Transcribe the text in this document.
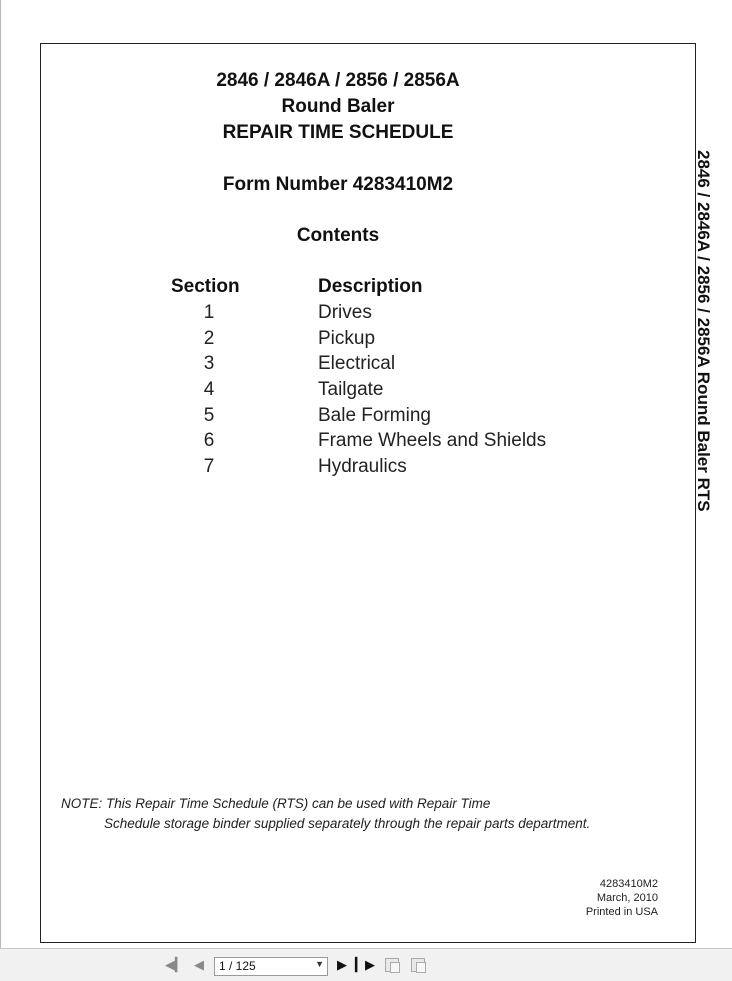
2846 / 2846A / 2856 / 2856A
Round Baler
REPAIR TIME SCHEDULE
Form Number 4283410M2
Contents
Section	Description
1	Drives
2	Pickup
3	Electrical
4	Tailgate
5	Bale Forming
6	Frame Wheels and Shields
7	Hydraulics
NOTE: This Repair Time Schedule (RTS) can be used with Repair Time
Schedule storage binder supplied separately through the repair parts department.
4283410M2
March, 2010
Printed in USA
2846 / 2846A / 2856 / 2856A Round Baler RTS
◀▎ ◀ 1 / 125	▼ ▶ ▎▶
